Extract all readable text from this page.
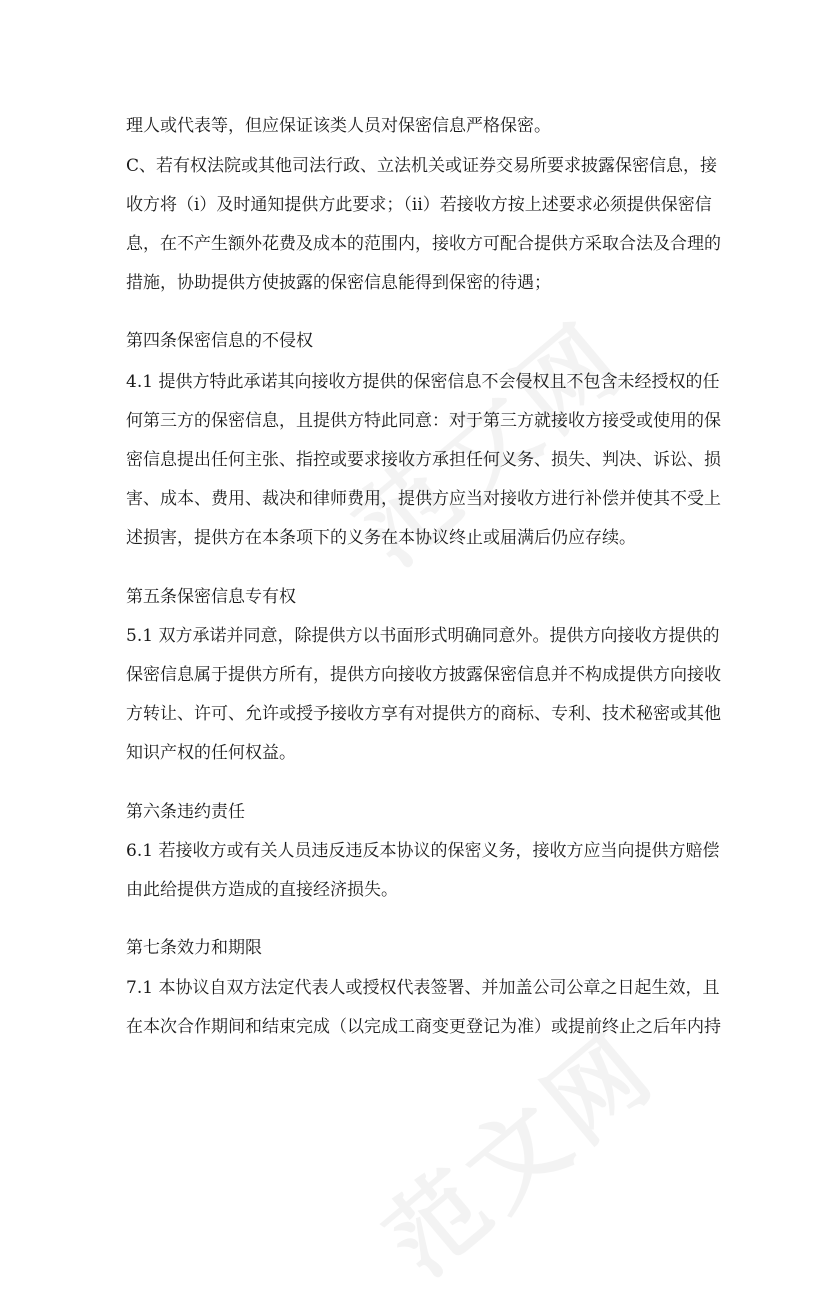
理人或代表等，但应保证该类人员对保密信息严格保密。

C、若有权法院或其他司法行政、立法机关或证券交易所要求披露保密信息，接

收方将（i）及时通知提供方此要求；（ii）若接收方按上述要求必须提供保密信

息，在不产生额外花费及成本的范围内，接收方可配合提供方采取合法及合理的

措施，协助提供方使披露的保密信息能得到保密的待遇；

第四条保密信息的不侵权

4.1 提供方特此承诺其向接收方提供的保密信息不会侵权且不包含未经授权的任

何第三方的保密信息，且提供方特此同意：对于第三方就接收方接受或使用的保

密信息提出任何主张、指控或要求接收方承担任何义务、损失、判决、诉讼、损

害、成本、费用、裁决和律师费用，提供方应当对接收方进行补偿并使其不受上

述损害，提供方在本条项下的义务在本协议终止或届满后仍应存续。

第五条保密信息专有权

5.1 双方承诺并同意，除提供方以书面形式明确同意外。提供方向接收方提供的

保密信息属于提供方所有，提供方向接收方披露保密信息并不构成提供方向接收

方转让、许可、允许或授予接收方享有对提供方的商标、专利、技术秘密或其他

知识产权的任何权益。

第六条违约责任

6.1 若接收方或有关人员违反违反本协议的保密义务，接收方应当向提供方赔偿

由此给提供方造成的直接经济损失。

第七条效力和期限

7.1 本协议自双方法定代表人或授权代表签署、并加盖公司公章之日起生效，且

在本次合作期间和结束完成（以完成工商变更登记为准）或提前终止之后年内持
